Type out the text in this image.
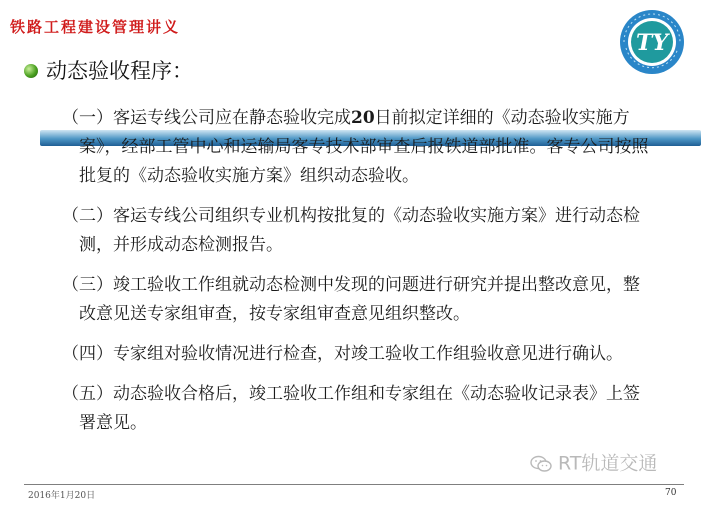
铁路工程建设管理讲义
TY
动态验收程序：

（一）客运专线公司应在静态验收完成20日前拟定详细的《动态验收实施方案》，经部工管中心和运输局客专技术部审查后报铁道部批准。客专公司按照批复的《动态验收实施方案》组织动态验收。

（二）客运专线公司组织专业机构按批复的《动态验收实施方案》进行动态检测，并形成动态检测报告。

（三）竣工验收工作组就动态检测中发现的问题进行研究并提出整改意见，整改意见送专家组审查，按专家组审查意见组织整改。

（四）专家组对验收情况进行检查，对竣工验收工作组验收意见进行确认。

（五）动态验收合格后，竣工验收工作组和专家组在《动态验收记录表》上签署意见。

RT轨道交通
2016年1月20日	70
